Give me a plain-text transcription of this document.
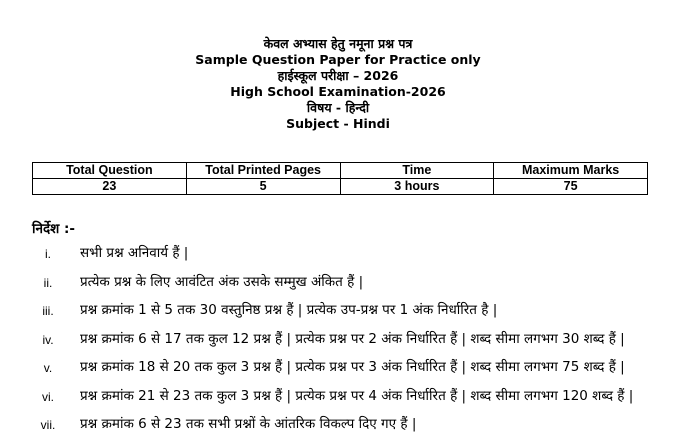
केवल अभ्यास हेतु नमूना प्रश्न पत्र
Sample Question Paper for Practice only
हाईस्कूल परीक्षा – 2026
High School Examination-2026
विषय - हिन्दी
Subject - Hindi
Total Question	Total Printed Pages	Time	Maximum Marks
23	5	3 hours	75
निर्देश :-
i.	सभी प्रश्न अनिवार्य हैं |
ii.	प्रत्येक प्रश्न के लिए आवंटित अंक उसके सम्मुख अंकित हैं |
iii.	प्रश्न क्रमांक 1 से 5 तक 30 वस्तुनिष्ठ प्रश्न हैं | प्रत्येक उप-प्रश्न पर 1 अंक निर्धारित है |
iv.	प्रश्न क्रमांक 6 से 17 तक कुल 12 प्रश्न हैं | प्रत्येक प्रश्न पर 2 अंक निर्धारित हैं | शब्द सीमा लगभग 30 शब्द हैं |
v.	प्रश्न क्रमांक 18 से 20 तक कुल 3 प्रश्न हैं | प्रत्येक प्रश्न पर 3 अंक निर्धारित हैं | शब्द सीमा लगभग 75 शब्द हैं |
vi.	प्रश्न क्रमांक 21 से 23 तक कुल 3 प्रश्न हैं | प्रत्येक प्रश्न पर 4 अंक निर्धारित हैं | शब्द सीमा लगभग 120 शब्द हैं |
vii.	प्रश्न क्रमांक 6 से 23 तक सभी प्रश्नों के आंतरिक विकल्प दिए गए हैं |
